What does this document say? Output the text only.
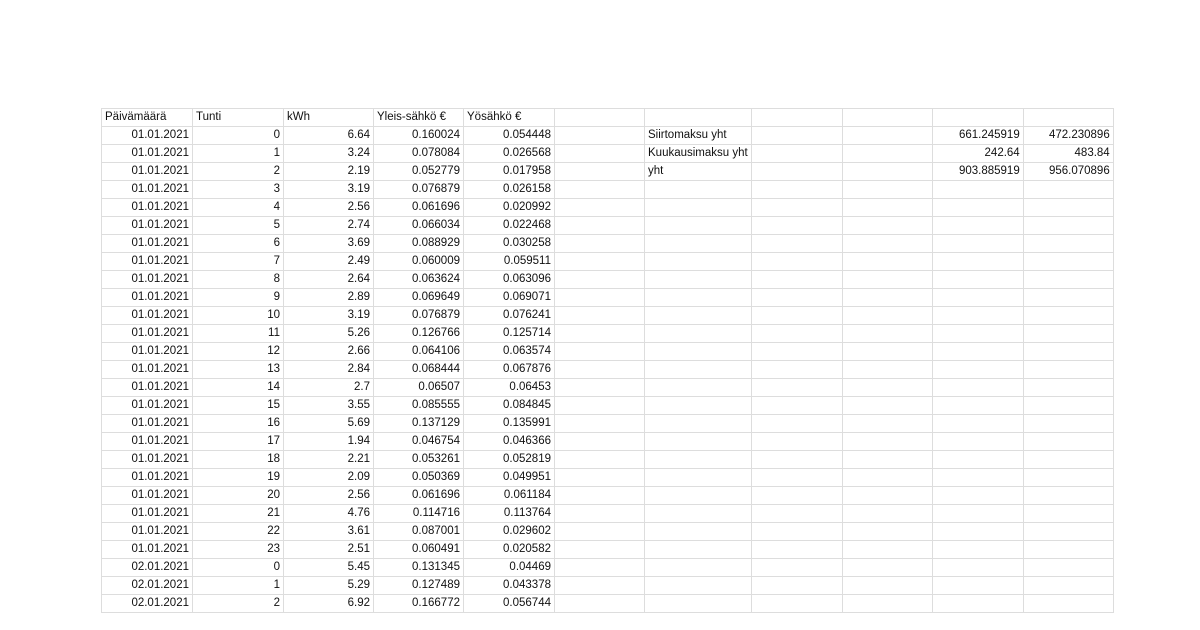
Päivämäärä	Tunti	kWh	Yleis-sähkö €	Yösähkö €						
01.01.2021	0	6.64	0.160024	0.054448		Siirtomaksu yht			661.245919	472.230896
01.01.2021	1	3.24	0.078084	0.026568		Kuukausimaksu yht			242.64	483.84
01.01.2021	2	2.19	0.052779	0.017958		yht			903.885919	956.070896
01.01.2021	3	3.19	0.076879	0.026158						
01.01.2021	4	2.56	0.061696	0.020992						
01.01.2021	5	2.74	0.066034	0.022468						
01.01.2021	6	3.69	0.088929	0.030258						
01.01.2021	7	2.49	0.060009	0.059511						
01.01.2021	8	2.64	0.063624	0.063096						
01.01.2021	9	2.89	0.069649	0.069071						
01.01.2021	10	3.19	0.076879	0.076241						
01.01.2021	11	5.26	0.126766	0.125714						
01.01.2021	12	2.66	0.064106	0.063574						
01.01.2021	13	2.84	0.068444	0.067876						
01.01.2021	14	2.7	0.06507	0.06453						
01.01.2021	15	3.55	0.085555	0.084845						
01.01.2021	16	5.69	0.137129	0.135991						
01.01.2021	17	1.94	0.046754	0.046366						
01.01.2021	18	2.21	0.053261	0.052819						
01.01.2021	19	2.09	0.050369	0.049951						
01.01.2021	20	2.56	0.061696	0.061184						
01.01.2021	21	4.76	0.114716	0.113764						
01.01.2021	22	3.61	0.087001	0.029602						
01.01.2021	23	2.51	0.060491	0.020582						
02.01.2021	0	5.45	0.131345	0.04469						
02.01.2021	1	5.29	0.127489	0.043378						
02.01.2021	2	6.92	0.166772	0.056744						
